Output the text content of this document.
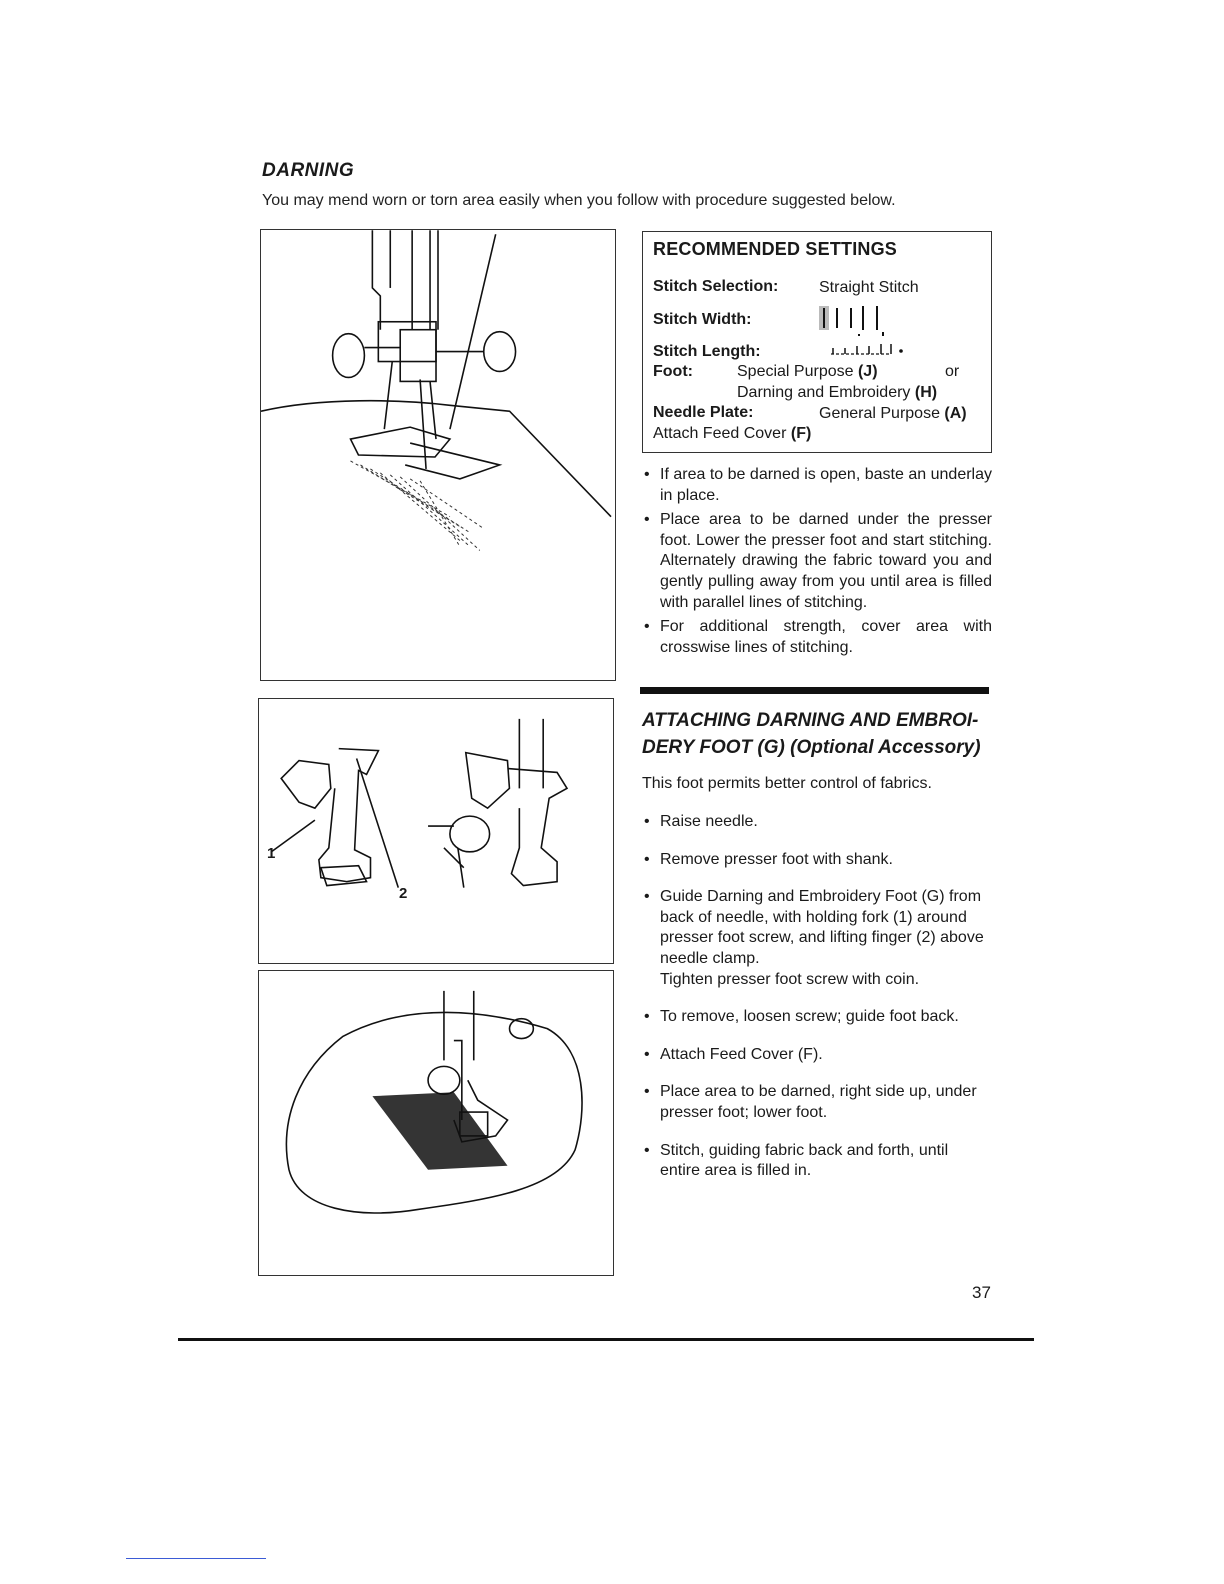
DARNING
You may mend worn or torn area easily when you follow with procedure suggested below.
1
2
RECOMMENDED SETTINGS
Stitch Selection:	Straight Stitch
Stitch Width:
Stitch Length:
Foot:	Special Purpose (J)	or
Darning and Embroidery (H)
Needle Plate:	General Purpose (A)
Attach Feed Cover (F)

• If area to be darned is open, baste an underlay in place.

• Place area to be darned under the presser foot. Lower the presser foot and start stitching. Alternately drawing the fabric toward you and gently pulling away from you until area is filled with parallel lines of stitching.

• For additional strength, cover area with crosswise lines of stitching.

ATTACHING DARNING AND EMBROI-DERY FOOT (G) (Optional Accessory)
This foot permits better control of fabrics.

• Raise needle.

• Remove presser foot with shank.

• Guide Darning and Embroidery Foot (G) from back of needle, with holding fork (1) around presser foot screw, and lifting finger (2) above needle clamp.

Tighten presser foot screw with coin.

• To remove, loosen screw; guide foot back.

• Attach Feed Cover (F).

• Place area to be darned, right side up, under presser foot; lower foot.

• Stitch, guiding fabric back and forth, until entire area is filled in.

37
